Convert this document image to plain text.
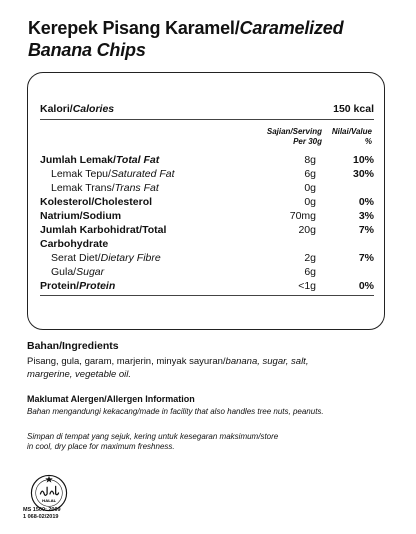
Kerepek Pisang Karamel/Caramelized
Banana Chips
Kalori/Calories	150 kcal
Sajian/Serving
Per 30g
Nilai/Value
%
Jumlah Lemak/Total Fat	8g	10%
Lemak Tepu/Saturated Fat	6g	30%
Lemak Trans/Trans Fat	0g
Kolesterol/Cholesterol	0g	0%
Natrium/Sodium	70mg	3%
Jumlah Karbohidrat/Total	20g	7%
Carbohydrate
Serat Diet/Dietary Fibre	2g	7%
Gula/Sugar	6g
Protein/Protein	<1g	0%
Bahan/Ingredients
Pisang, gula, garam, marjerin, minyak sayuran/banana, sugar, salt,
margerine, vegetable oil.
Maklumat Alergen/Allergen Information
Bahan mengandungi kekacang/made in facility that also handles tree nuts, peanuts.
Simpan di tempat yang sejuk, kering untuk kesegaran maksimum/store
in cool, dry place for maximum freshness.
HALAL
MS 1500: 2009
1 068-02/2019
